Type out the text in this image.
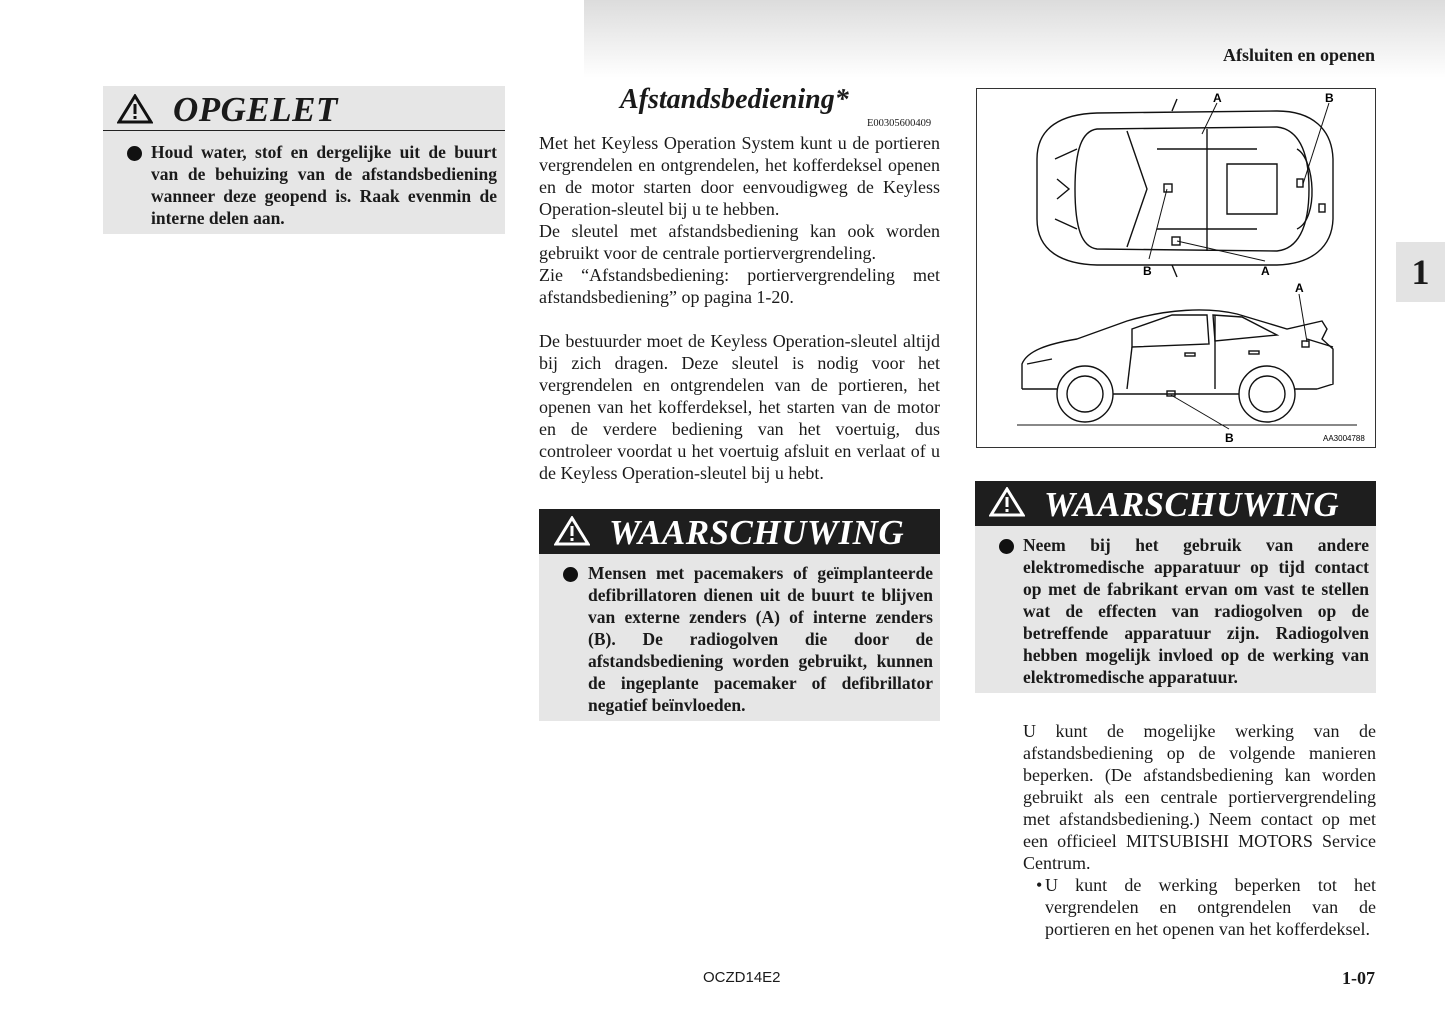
Afsluiten en openen
1
OPGELET
Houd water, stof en dergelijke uit de buurt van de behuizing van de afstandsbediening wanneer deze geopend is. Raak evenmin de interne delen aan.
Afstandsbediening*
E00305600409
Met het Keyless Operation System kunt u de portieren vergrendelen en ontgrendelen, het kofferdeksel openen en de motor starten door eenvoudigweg de Keyless Operation-sleutel bij u te hebben.
De sleutel met afstandsbediening kan ook worden gebruikt voor de centrale portiervergrendeling.
Zie “Afstandsbediening: portiervergrendeling met afstandsbediening” op pagina 1-20.
De bestuurder moet de Keyless Operation-sleutel altijd bij zich dragen. Deze sleutel is nodig voor het vergrendelen en ontgrendelen van de portieren, het openen van het kofferdeksel, het starten van de motor en de verdere bediening van het voertuig, dus controleer voordat u het voertuig afsluit en verlaat of u de Keyless Operation-sleutel bij u hebt.
WAARSCHUWING
Mensen met pacemakers of geïmplanteerde defibrillatoren dienen uit de buurt te blijven van externe zenders (A) of interne zenders (B). De radiogolven die door de afstandsbediening worden gebruikt, kunnen de ingeplante pacemaker of defibrillator negatief beïnvloeden.
A	B
B	A
A
B	AA3004788
WAARSCHUWING
Neem bij het gebruik van andere elektromedische apparatuur op tijd contact op met de fabrikant ervan om vast te stellen wat de effecten van radiogolven op de betreffende apparatuur zijn. Radiogolven hebben mogelijk invloed op de werking van elektromedische apparatuur.
U kunt de mogelijke werking van de afstandsbediening op de volgende manieren beperken. (De afstandsbediening kan worden gebruikt als een centrale portiervergrendeling met afstandsbediening.) Neem contact op met een officieel MITSUBISHI MOTORS Service Centrum.
• U kunt de werking beperken tot het vergrendelen en ontgrendelen van de portieren en het openen van het kofferdeksel.
OCZD14E2	1-07
